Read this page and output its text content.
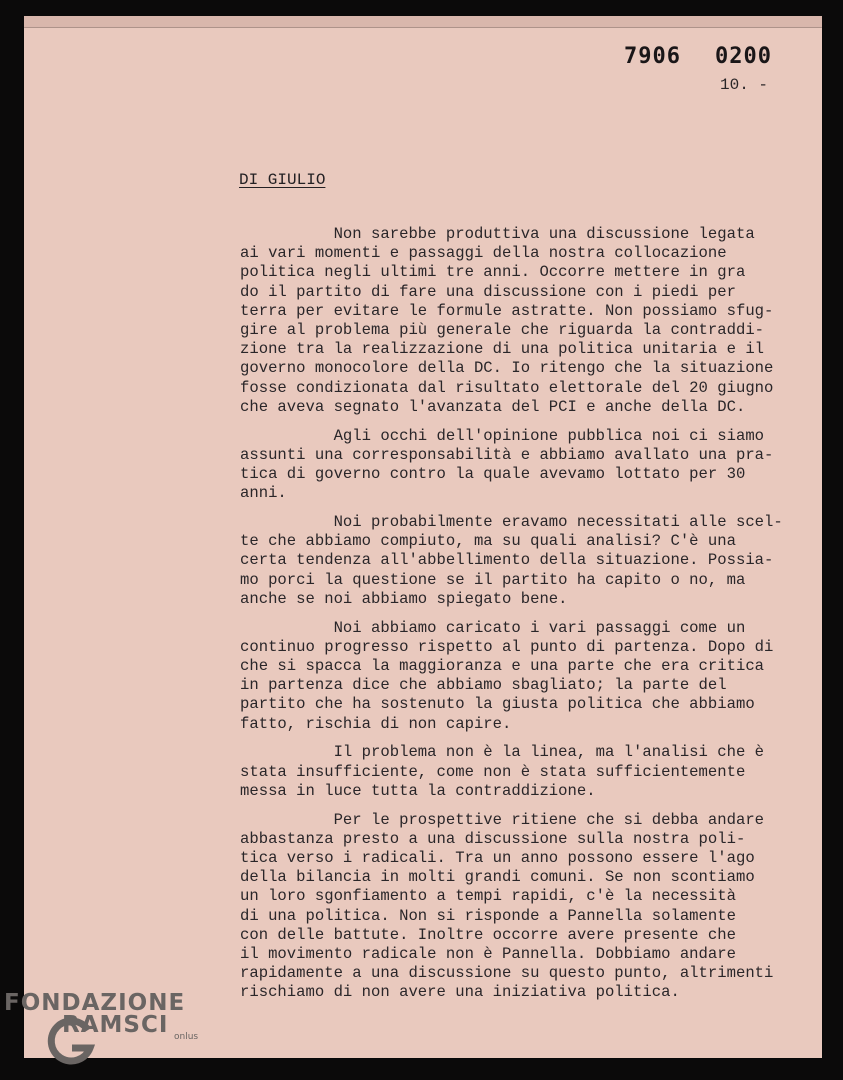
7906 0200
10. -
DI GIULIO

Non sarebbe produttiva una discussione legata
ai vari momenti e passaggi della nostra collocazione
politica negli ultimi tre anni. Occorre mettere in gra
do il partito di fare una discussione con i piedi per
terra per evitare le formule astratte. Non possiamo sfug-
gire al problema più generale che riguarda la contraddi-
zione tra la realizzazione di una politica unitaria e il
governo monocolore della DC. Io ritengo che la situazione
fosse condizionata dal risultato elettorale del 20 giugno
che aveva segnato l'avanzata del PCI e anche della DC.

Agli occhi dell'opinione pubblica noi ci siamo
assunti una corresponsabilità e abbiamo avallato una pra-
tica di governo contro la quale avevamo lottato per 30
anni.

Noi probabilmente eravamo necessitati alle scel-
te che abbiamo compiuto, ma su quali analisi? C'è una
certa tendenza all'abbellimento della situazione. Possia-
mo porci la questione se il partito ha capito o no, ma
anche se noi abbiamo spiegato bene.

Noi abbiamo caricato i vari passaggi come un
continuo progresso rispetto al punto di partenza. Dopo di
che si spacca la maggioranza e una parte che era critica
in partenza dice che abbiamo sbagliato; la parte del
partito che ha sostenuto la giusta politica che abbiamo
fatto, rischia di non capire.

Il problema non è la linea, ma l'analisi che è
stata insufficiente, come non è stata sufficientemente
messa in luce tutta la contraddizione.

Per le prospettive ritiene che si debba andare
abbastanza presto a una discussione sulla nostra poli-
tica verso i radicali. Tra un anno possono essere l'ago
della bilancia in molti grandi comuni. Se non scontiamo
un loro sgonfiamento a tempi rapidi, c'è la necessità
di una politica. Non si risponde a Pannella solamente
con delle battute. Inoltre occorre avere presente che
il movimento radicale non è Pannella. Dobbiamo andare
rapidamente a una discussione su questo punto, altrimenti
rischiamo di non avere una iniziativa politica.

FONDAZIONE
RAMSCI onlus
